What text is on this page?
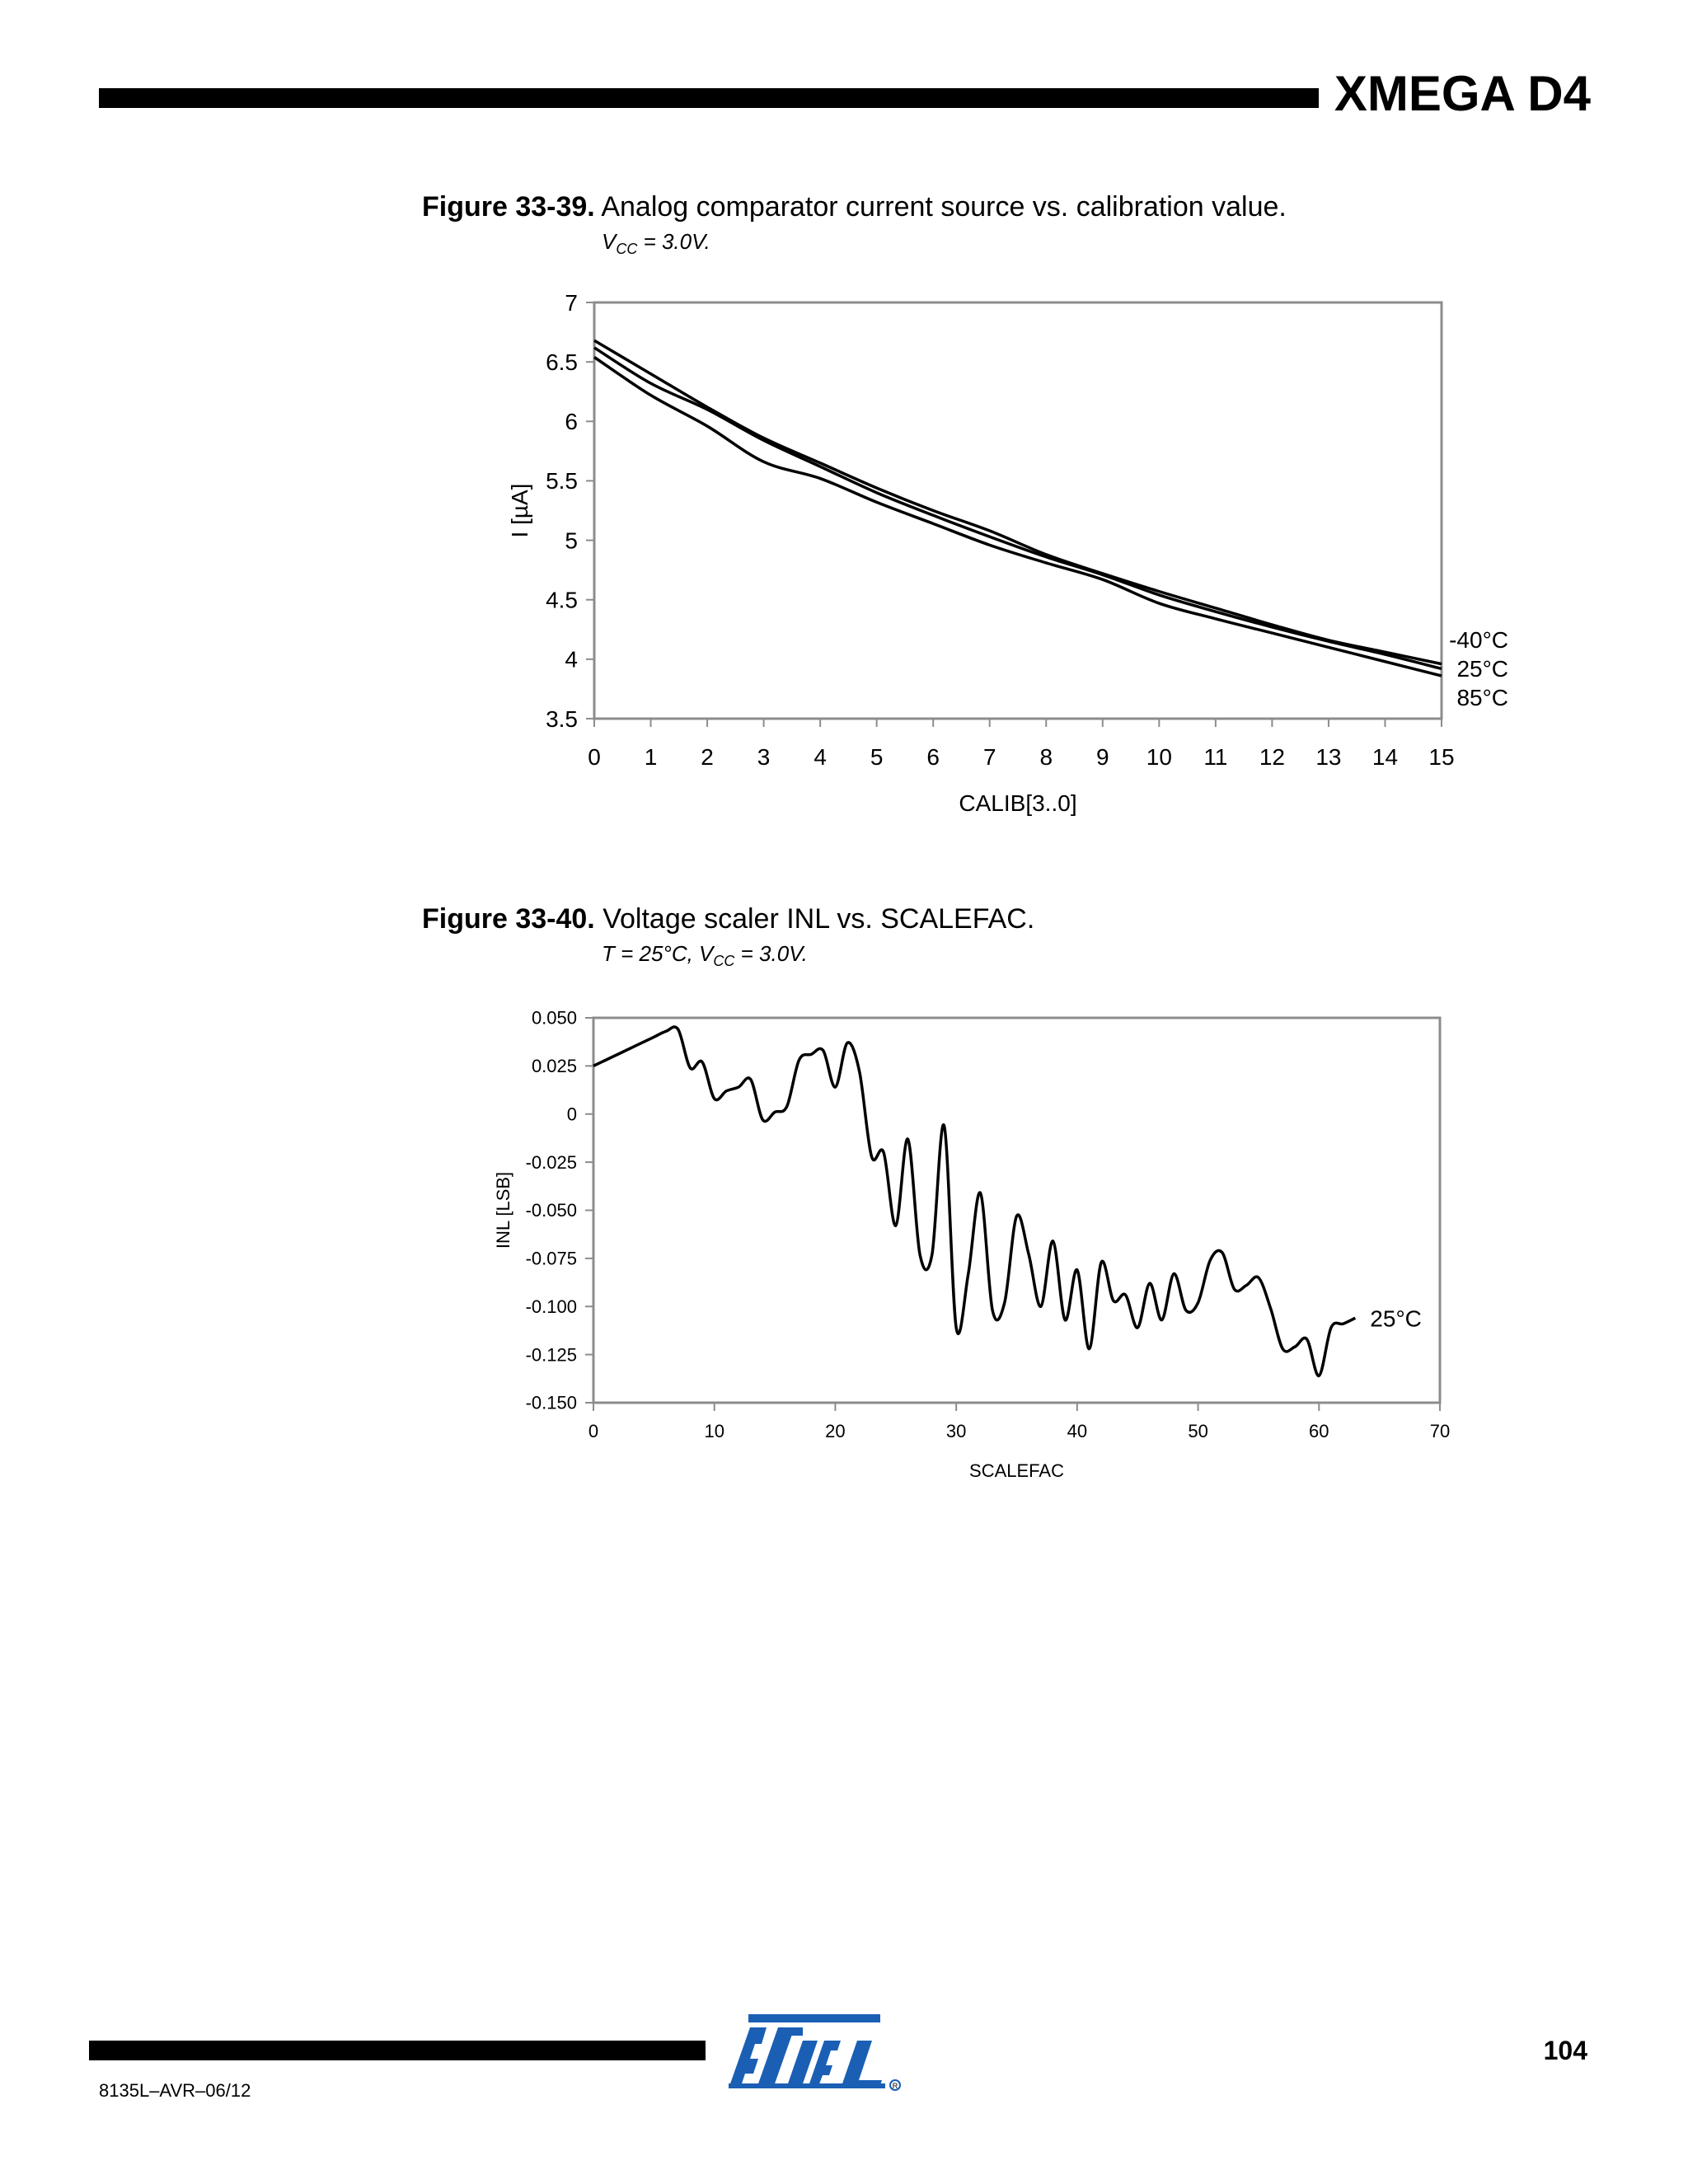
XMEGA D4
Figure 33-39. Analog comparator current source vs. calibration value.
$V_{CC} = 3.0V$.
7
6.5
6
5.5
5
4.5
4
3.5
0 1 2 3 4 5 6 7 8 9 10 11 12 13 14 15
CALIB[3..0]
I [µA]
-40°C
25°C
85°C
Figure 33-40. Voltage scaler INL vs. SCALEFAC.
T = 25°C, $V_{CC} = 3.0V$.
0.050
0.025
0
-0.025
-0.050
-0.075
-0.100
-0.125
-0.150
0	10	20	30	40	50	60	70
SCALEFAC
INL [LSB]
25°C
R
104
8135L–AVR–06/12
